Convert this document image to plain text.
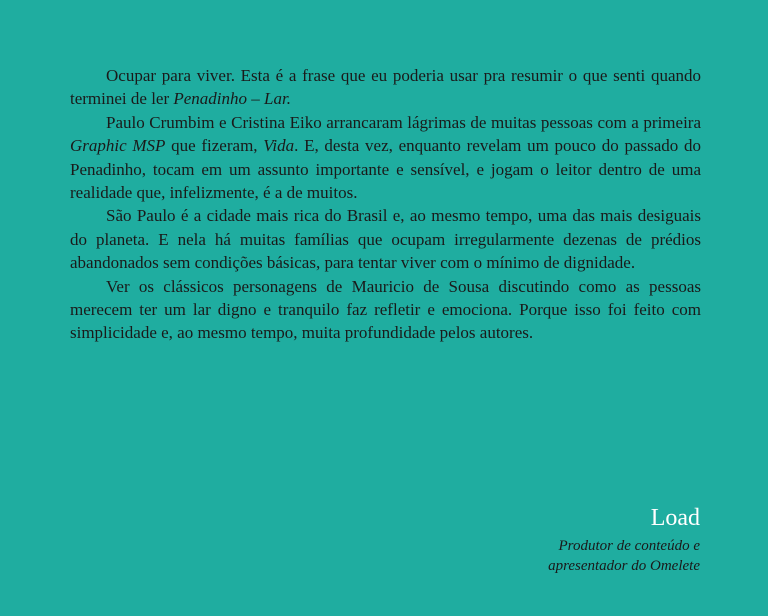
Ocupar para viver. Esta é a frase que eu poderia usar pra resumir o que senti quando terminei de ler Penadinho – Lar.

Paulo Crumbim e Cristina Eiko arrancaram lágrimas de muitas pessoas com a primeira Graphic MSP que fizeram, Vida. E, desta vez, enquanto revelam um pouco do passado do Penadinho, tocam em um assunto importante e sensível, e jogam o leitor dentro de uma realidade que, infelizmente, é a de muitos.

São Paulo é a cidade mais rica do Brasil e, ao mesmo tempo, uma das mais desiguais do planeta. E nela há muitas famílias que ocupam irregularmente dezenas de prédios abandonados sem condições básicas, para tentar viver com o mínimo de dignidade.

Ver os clássicos personagens de Mauricio de Sousa discutindo como as pessoas merecem ter um lar digno e tranquilo faz refletir e emociona. Porque isso foi feito com simplicidade e, ao mesmo tempo, muita profundidade pelos autores.

Load
Produtor de conteúdo e
apresentador do Omelete
